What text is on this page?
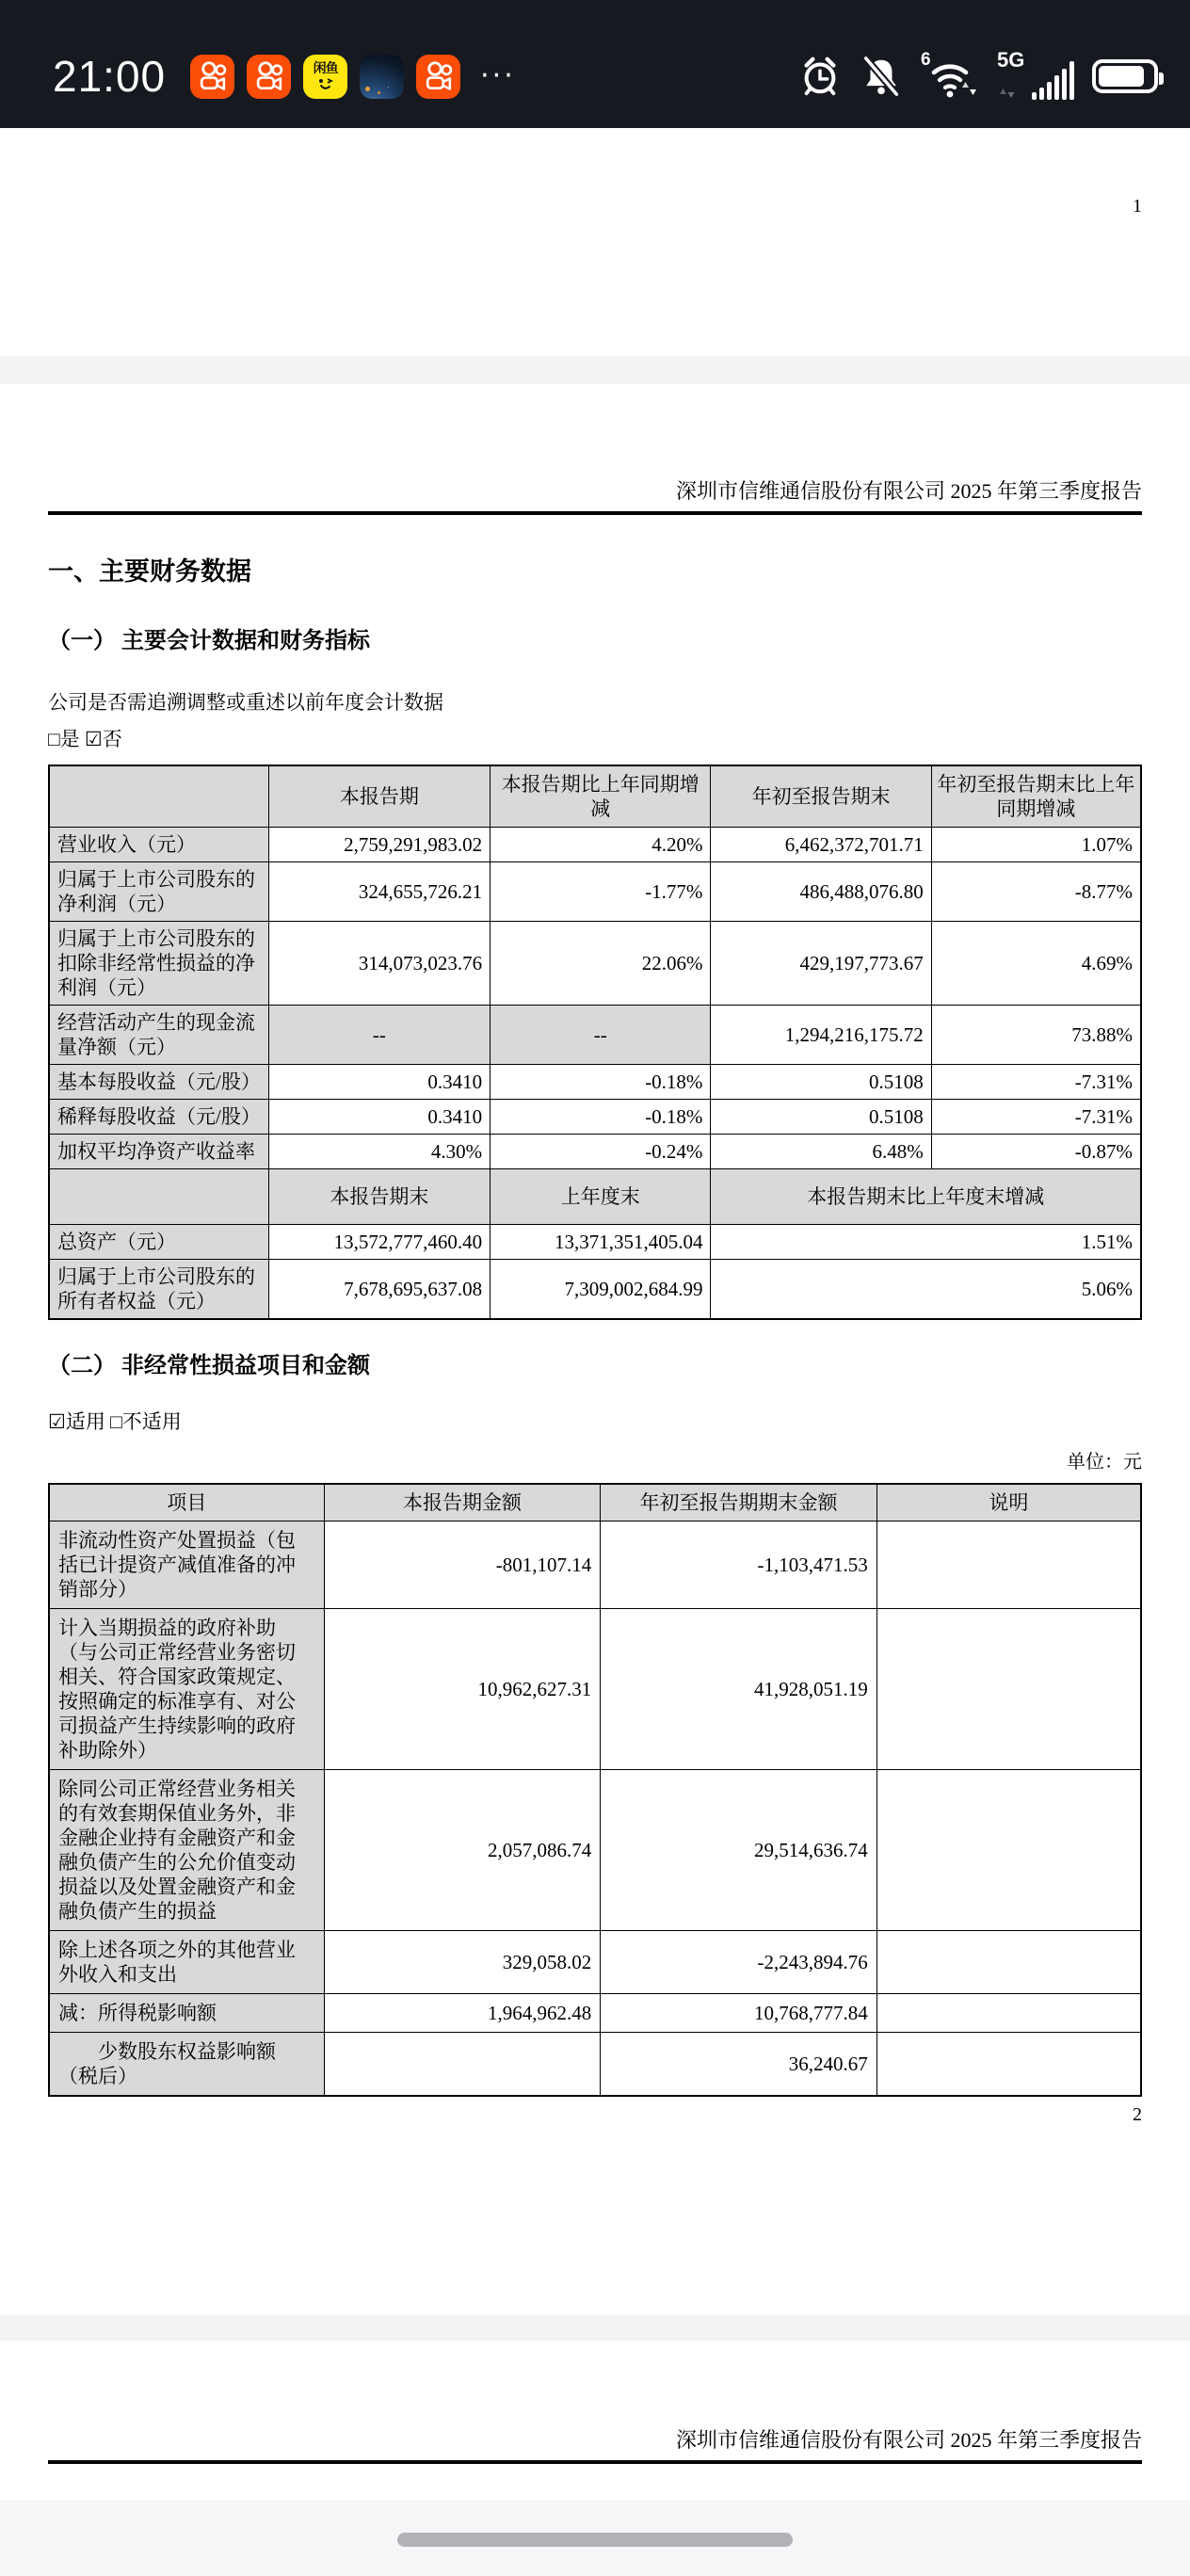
21:00	闲鱼	···	6	5G
1
深圳市信维通信股份有限公司 2025 年第三季度报告
一、主要财务数据
（一） 主要会计数据和财务指标
公司是否需追溯调整或重述以前年度会计数据
□是 ☑否
	本报告期	本报告期比上年同期增减	年初至报告期末	年初至报告期末比上年同期增减
营业收入（元）	2,759,291,983.02	4.20%	6,462,372,701.71	1.07%
归属于上市公司股东的净利润（元）	324,655,726.21	-1.77%	486,488,076.80	-8.77%
归属于上市公司股东的扣除非经常性损益的净利润（元）	314,073,023.76	22.06%	429,197,773.67	4.69%
经营活动产生的现金流量净额（元）	--	--	1,294,216,175.72	73.88%
基本每股收益（元/股）	0.3410	-0.18%	0.5108	-7.31%
稀释每股收益（元/股）	0.3410	-0.18%	0.5108	-7.31%
加权平均净资产收益率	4.30%	-0.24%	6.48%	-0.87%
	本报告期末	上年度末	本报告期末比上年度末增减	
总资产（元）	13,572,777,460.40	13,371,351,405.04	1.51%	
归属于上市公司股东的所有者权益（元）	7,678,695,637.08	7,309,002,684.99	5.06%	
（二） 非经常性损益项目和金额
☑适用 □不适用
单位：元
项目	本报告期金额	年初至报告期期末金额	说明
非流动性资产处置损益（包括已计提资产减值准备的冲销部分）	-801,107.14	-1,103,471.53	
计入当期损益的政府补助（与公司正常经营业务密切相关、符合国家政策规定、按照确定的标准享有、对公司损益产生持续影响的政府补助除外）	10,962,627.31	41,928,051.19	
除同公司正常经营业务相关的有效套期保值业务外，非金融企业持有金融资产和金融负债产生的公允价值变动损益以及处置金融资产和金融负债产生的损益	2,057,086.74	29,514,636.74	
除上述各项之外的其他营业外收入和支出	329,058.02	-2,243,894.76	
减：所得税影响额	1,964,962.48	10,768,777.84	
少数股东权益影响额（税后）		36,240.67	
2
深圳市信维通信股份有限公司 2025 年第三季度报告
